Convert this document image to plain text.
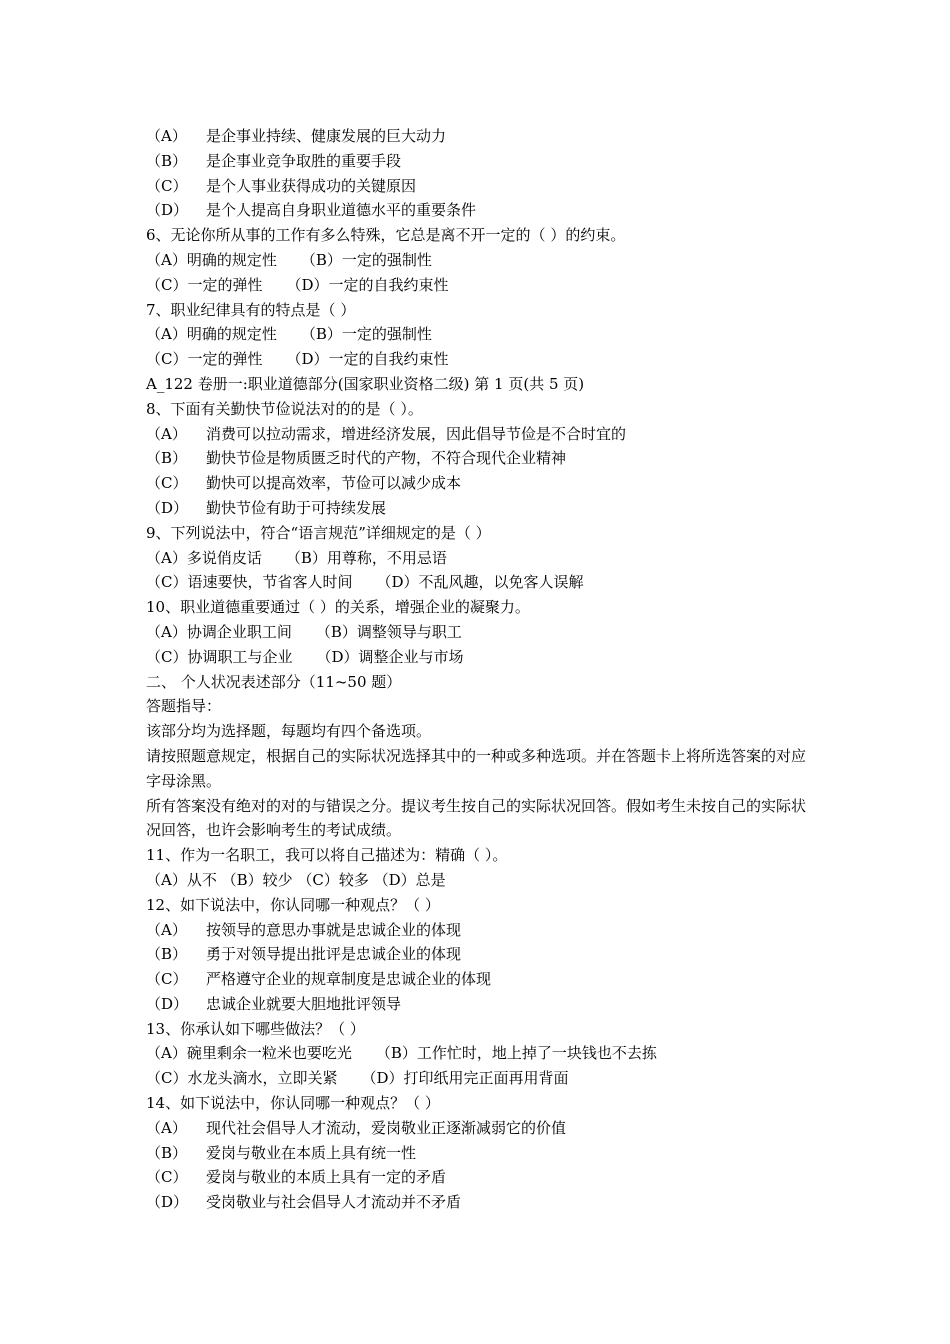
（A）	是企事业持续、健康发展的巨大动力
（B）	是企事业竞争取胜的重要手段
（C）	是个人事业获得成功的关键原因
（D）	是个人提高自身职业道德水平的重要条件
6、无论你所从事的工作有多么特殊，它总是离不开一定的（ ）的约束。
（A）明确的规定性 （B）一定的强制性
（C）一定的弹性 （D）一定的自我约束性
7、职业纪律具有的特点是（ ）
（A）明确的规定性 （B）一定的强制性
（C）一定的弹性 （D）一定的自我约束性
A_122 卷册一:职业道德部分(国家职业资格二级) 第 1 页(共 5 页)
8、下面有关勤快节俭说法对的的是（ ）。
（A）	消费可以拉动需求，增进经济发展，因此倡导节俭是不合时宜的
（B）	勤快节俭是物质匮乏时代的产物，不符合现代企业精神
（C）	勤快可以提高效率，节俭可以减少成本
（D）	勤快节俭有助于可持续发展
9、下列说法中，符合“语言规范”详细规定的是（ ）
（A）多说俏皮话 （B）用尊称，不用忌语
（C）语速要快，节省客人时间 （D）不乱风趣，以免客人误解
10、职业道德重要通过（ ）的关系，增强企业的凝聚力。
（A）协调企业职工间 （B）调整领导与职工
（C）协调职工与企业 （D）调整企业与市场
二、 个人状况表述部分（11~50 题）
答题指导：
该部分均为选择题，每题均有四个备选项。
请按照题意规定，根据自己的实际状况选择其中的一种或多种选项。并在答题卡上将所选答案的对应字母涂黑。
所有答案没有绝对的对的与错误之分。提议考生按自己的实际状况回答。假如考生未按自己的实际状况回答，也许会影响考生的考试成绩。
11、作为一名职工，我可以将自己描述为：精确（ ）。
（A）从不 （B）较少 （C）较多 （D）总是
12、如下说法中，你认同哪一种观点？（ ）
（A）	按领导的意思办事就是忠诚企业的体现
（B）	勇于对领导提出批评是忠诚企业的体现
（C）	严格遵守企业的规章制度是忠诚企业的体现
（D）	忠诚企业就要大胆地批评领导
13、你承认如下哪些做法？（ ）
（A）碗里剩余一粒米也要吃光 （B）工作忙时，地上掉了一块钱也不去拣
（C）水龙头滴水，立即关紧 （D）打印纸用完正面再用背面
14、如下说法中，你认同哪一种观点？（ ）
（A）	现代社会倡导人才流动，爱岗敬业正逐渐减弱它的价值
（B）	爱岗与敬业在本质上具有统一性
（C）	爱岗与敬业的本质上具有一定的矛盾
（D）	受岗敬业与社会倡导人才流动并不矛盾
